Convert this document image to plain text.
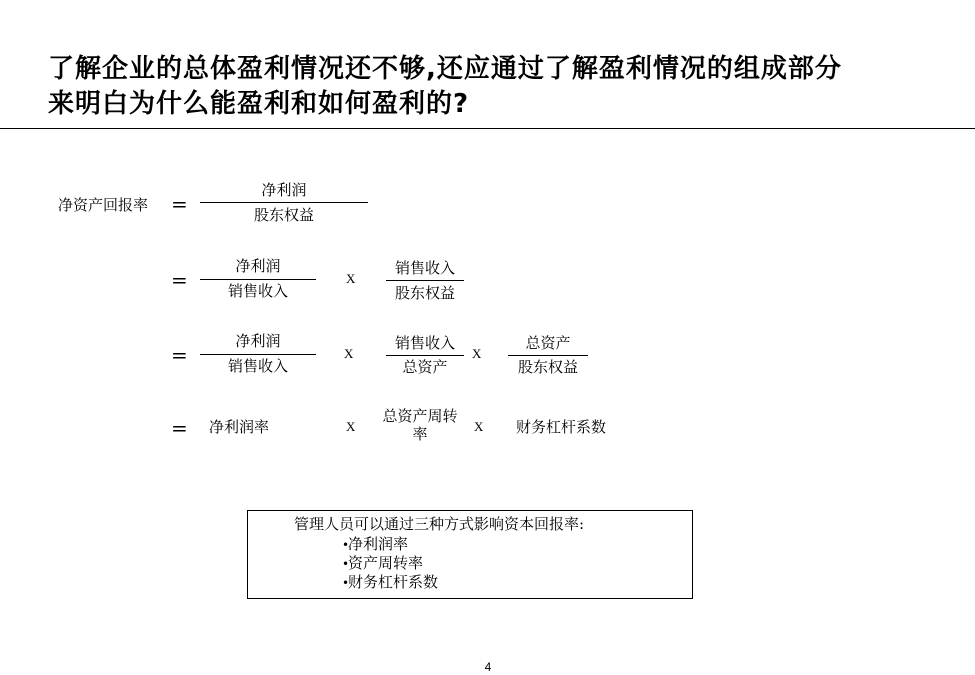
了解企业的总体盈利情况还不够,还应通过了解盈利情况的组成部分
来明白为什么能盈利和如何盈利的?
净资产回报率 =
净利润
股东权益
=
净利润
销售收入
X
销售收入
股东权益
=
净利润
销售收入
X
销售收入
总资产
X
总资产
股东权益
= 净利润率	X
总资产周转
率	X 财务杠杆系数
管理人员可以通过三种方式影响资本回报率:
•净利润率
•资产周转率
•财务杠杆系数
4
